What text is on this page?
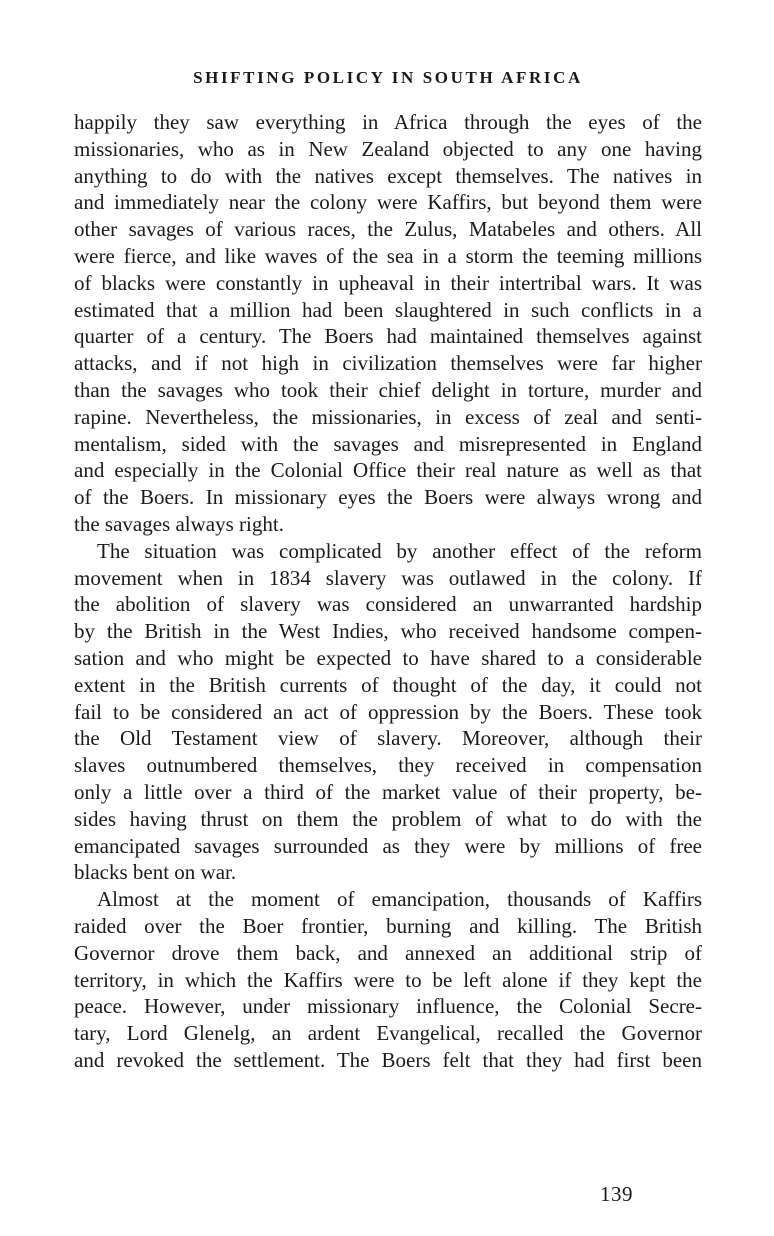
SHIFTING POLICY IN SOUTH AFRICA
happily they saw everything in Africa through the eyes of the
missionaries, who as in New Zealand objected to any one having
anything to do with the natives except themselves. The natives in
and immediately near the colony were Kaffirs, but beyond them were
other savages of various races, the Zulus, Matabeles and others. All
were fierce, and like waves of the sea in a storm the teeming millions
of blacks were constantly in upheaval in their intertribal wars. It was
estimated that a million had been slaughtered in such conflicts in a
quarter of a century. The Boers had maintained themselves against
attacks, and if not high in civilization themselves were far higher
than the savages who took their chief delight in torture, murder and
rapine. Nevertheless, the missionaries, in excess of zeal and senti-
mentalism, sided with the savages and misrepresented in England
and especially in the Colonial Office their real nature as well as that
of the Boers. In missionary eyes the Boers were always wrong and
the savages always right.
The situation was complicated by another effect of the reform
movement when in 1834 slavery was outlawed in the colony. If
the abolition of slavery was considered an unwarranted hardship
by the British in the West Indies, who received handsome compen-
sation and who might be expected to have shared to a considerable
extent in the British currents of thought of the day, it could not
fail to be considered an act of oppression by the Boers. These took
the Old Testament view of slavery. Moreover, although their
slaves outnumbered themselves, they received in compensation
only a little over a third of the market value of their property, be-
sides having thrust on them the problem of what to do with the
emancipated savages surrounded as they were by millions of free
blacks bent on war.
Almost at the moment of emancipation, thousands of Kaffirs
raided over the Boer frontier, burning and killing. The British
Governor drove them back, and annexed an additional strip of
territory, in which the Kaffirs were to be left alone if they kept the
peace. However, under missionary influence, the Colonial Secre-
tary, Lord Glenelg, an ardent Evangelical, recalled the Governor
and revoked the settlement. The Boers felt that they had first been
139
